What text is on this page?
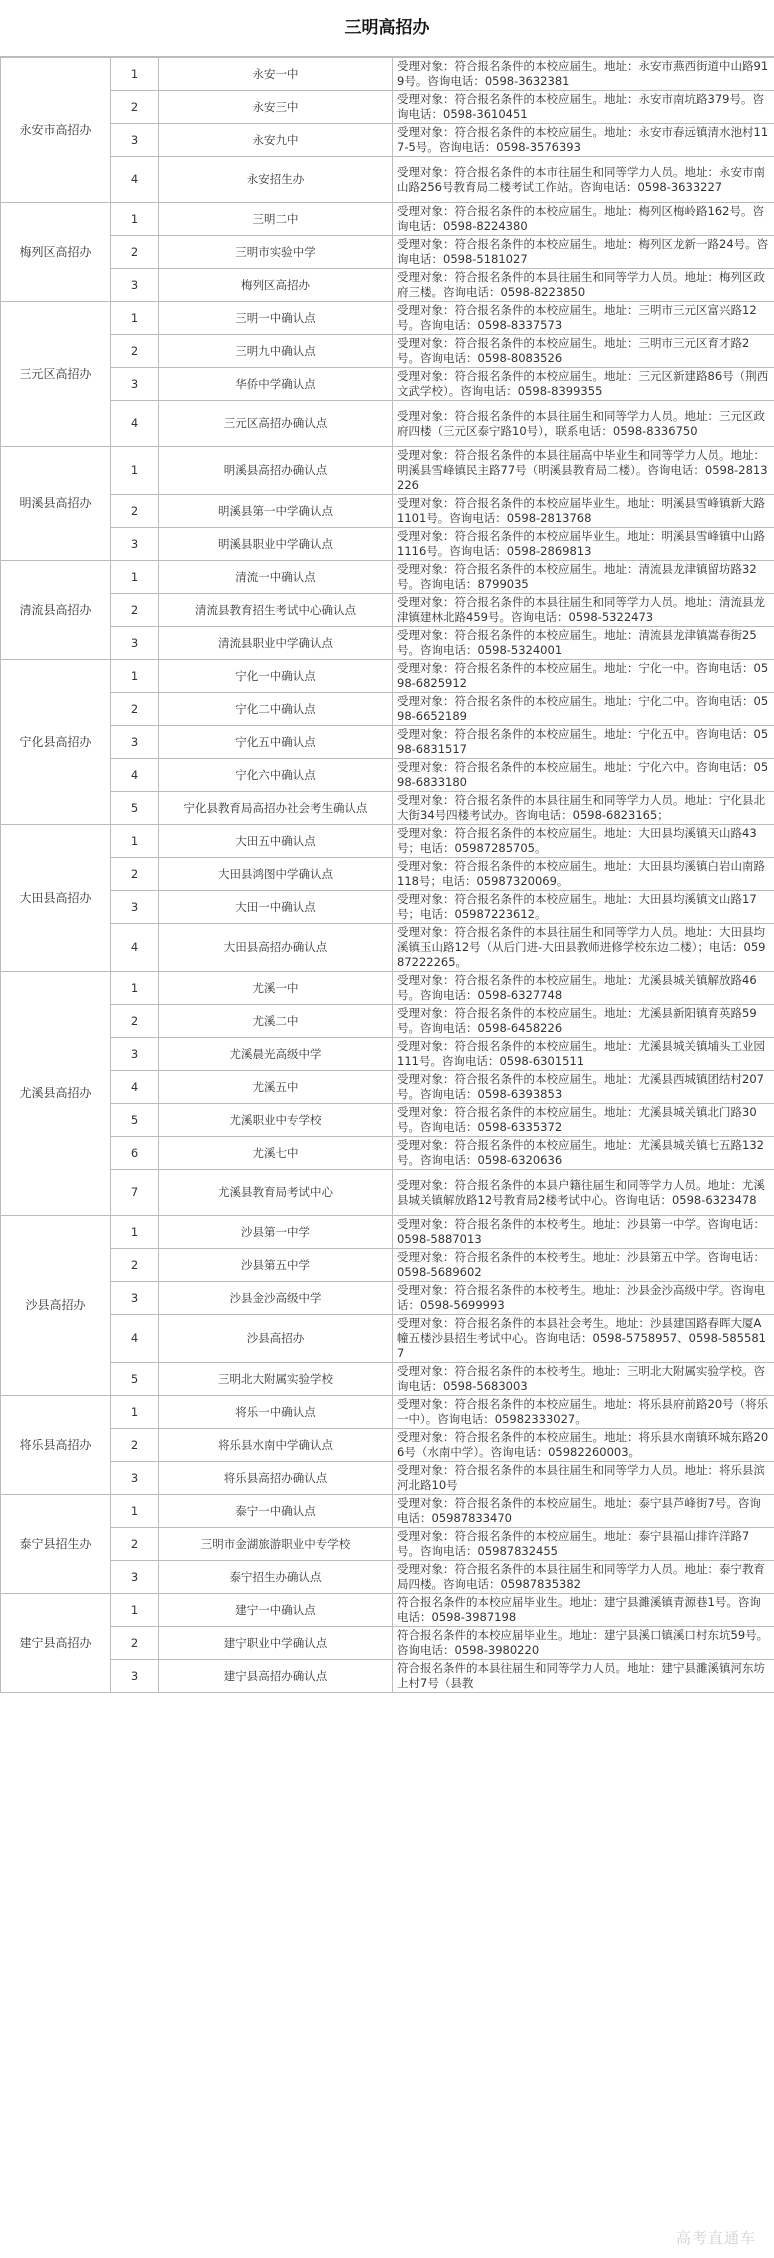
三明高招办
永安市高招办	1	永安一中	受理对象：符合报名条件的本校应届生。地址：永安市燕西街道中山路919号。咨询电话：0598-3632381
	2	永安三中	受理对象：符合报名条件的本校应届生。地址：永安市南坑路379号。咨询电话：0598-3610451
	3	永安九中	受理对象：符合报名条件的本校应届生。地址：永安市春远镇清水池村117-5号。咨询电话：0598-3576393
	4	永安招生办	受理对象：符合报名条件的本市往届生和同等学力人员。地址：永安市南山路256号教育局二楼考试工作站。咨询电话：0598-3633227
梅列区高招办	1	三明二中	受理对象：符合报名条件的本校应届生。地址：梅列区梅岭路162号。咨询电话：0598-8224380
	2	三明市实验中学	受理对象：符合报名条件的本校应届生。地址：梅列区龙新一路24号。咨询电话：0598-5181027
	3	梅列区高招办	受理对象：符合报名条件的本县往届生和同等学力人员。地址：梅列区政府三楼。咨询电话：0598-8223850
三元区高招办	1	三明一中确认点	受理对象：符合报名条件的本校应届生。地址：三明市三元区富兴路12号。咨询电话：0598-8337573
	2	三明九中确认点	受理对象：符合报名条件的本校应届生。地址：三明市三元区育才路2号。咨询电话：0598-8083526
	3	华侨中学确认点	受理对象：符合报名条件的本校应届生。地址：三元区新建路86号（荆西文武学校）。咨询电话：0598-8399355
	4	三元区高招办确认点	受理对象：符合报名条件的本县往届生和同等学力人员。地址：三元区政府四楼（三元区泰宁路10号），联系电话：0598-8336750
明溪县高招办	1	明溪县高招办确认点	受理对象：符合报名条件的本县往届高中毕业生和同等学力人员。地址：明溪县雪峰镇民主路77号（明溪县教育局二楼）。咨询电话：0598-2813226
	2	明溪县第一中学确认点	受理对象：符合报名条件的本校应届毕业生。地址：明溪县雪峰镇新大路1101号。咨询电话：0598-2813768
	3	明溪县职业中学确认点	受理对象：符合报名条件的本校应届毕业生。地址：明溪县雪峰镇中山路1116号。咨询电话：0598-2869813
清流县高招办	1	清流一中确认点	受理对象：符合报名条件的本校应届生。地址：清流县龙津镇留坊路32号。咨询电话：8799035
	2	清流县教育招生考试中心确认点	受理对象：符合报名条件的本县往届生和同等学力人员。地址：清流县龙津镇建林北路459号。咨询电话：0598-5322473
	3	清流县职业中学确认点	受理对象：符合报名条件的本校应届生。地址：清流县龙津镇嵩春街25号。咨询电话：0598-5324001
宁化县高招办	1	宁化一中确认点	受理对象：符合报名条件的本校应届生。地址：宁化一中。咨询电话：0598-6825912
	2	宁化二中确认点	受理对象：符合报名条件的本校应届生。地址：宁化二中。咨询电话：0598-6652189
	3	宁化五中确认点	受理对象：符合报名条件的本校应届生。地址：宁化五中。咨询电话：0598-6831517
	4	宁化六中确认点	受理对象：符合报名条件的本校应届生。地址：宁化六中。咨询电话：0598-6833180
	5	宁化县教育局高招办社会考生确认点	受理对象：符合报名条件的本县往届生和同等学力人员。地址：宁化县北大街34号四楼考试办。咨询电话：0598-6823165；
大田县高招办	1	大田五中确认点	受理对象：符合报名条件的本校应届生。地址：大田县均溪镇天山路43号；电话：05987285705。
	2	大田县鸿图中学确认点	受理对象：符合报名条件的本校应届生。地址：大田县均溪镇白岩山南路118号；电话：05987320069。
	3	大田一中确认点	受理对象：符合报名条件的本校应届生。地址：大田县均溪镇文山路17号；电话：05987223612。
	4	大田县高招办确认点	受理对象：符合报名条件的本县往届生和同等学力人员。地址：大田县均溪镇玉山路12号（从后门进-大田县教师进修学校东边二楼）；电话：05987222265。
尤溪县高招办	1	尤溪一中	受理对象：符合报名条件的本校应届生。地址：尤溪县城关镇解放路46号。咨询电话：0598-6327748
	2	尤溪二中	受理对象：符合报名条件的本校应届生。地址：尤溪县新阳镇育英路59号。咨询电话：0598-6458226
	3	尤溪晨光高级中学	受理对象：符合报名条件的本校应届生。地址：尤溪县城关镇埔头工业园111号。咨询电话：0598-6301511
	4	尤溪五中	受理对象：符合报名条件的本校应届生。地址：尤溪县西城镇团结村207号。咨询电话：0598-6393853
	5	尤溪职业中专学校	受理对象：符合报名条件的本校应届生。地址：尤溪县城关镇北门路30号。咨询电话：0598-6335372
	6	尤溪七中	受理对象：符合报名条件的本校应届生。地址：尤溪县城关镇七五路132号。咨询电话：0598-6320636
	7	尤溪县教育局考试中心	受理对象：符合报名条件的本县户籍往届生和同等学力人员。地址：尤溪县城关镇解放路12号教育局2楼考试中心。咨询电话：0598-6323478
沙县高招办	1	沙县第一中学	受理对象：符合报名条件的本校考生。地址：沙县第一中学。咨询电话：0598-5887013
	2	沙县第五中学	受理对象：符合报名条件的本校考生。地址：沙县第五中学。咨询电话：0598-5689602
	3	沙县金沙高级中学	受理对象：符合报名条件的本校考生。地址：沙县金沙高级中学。咨询电话：0598-5699993
	4	沙县高招办	受理对象：符合报名条件的本县社会考生。地址：沙县建国路春晖大厦A幢五楼沙县招生考试中心。咨询电话：0598-5758957、0598-5855817
	5	三明北大附属实验学校	受理对象：符合报名条件的本校考生。地址：三明北大附属实验学校。咨询电话：0598-5683003
将乐县高招办	1	将乐一中确认点	受理对象：符合报名条件的本校应届生。地址：将乐县府前路20号（将乐一中）。咨询电话：05982333027。
	2	将乐县水南中学确认点	受理对象：符合报名条件的本校应届生。地址：将乐县水南镇环城东路206号（水南中学）。咨询电话：05982260003。
	3	将乐县高招办确认点	受理对象：符合报名条件的本县往届生和同等学力人员。地址：将乐县滨河北路10号
泰宁县招生办	1	泰宁一中确认点	受理对象：符合报名条件的本校应届生。地址：泰宁县芦峰街7号。咨询电话：05987833470
	2	三明市金湖旅游职业中专学校	受理对象：符合报名条件的本校应届生。地址：泰宁县福山排许洋路7号。咨询电话：05987832455
	3	泰宁招生办确认点	受理对象：符合报名条件的本县往届生和同等学力人员。地址：泰宁教育局四楼。咨询电话：05987835382
建宁县高招办	1	建宁一中确认点	符合报名条件的本校应届毕业生。地址：建宁县濉溪镇青源巷1号。咨询电话：0598-3987198
	2	建宁职业中学确认点	符合报名条件的本校应届毕业生。地址：建宁县溪口镇溪口村东坑59号。咨询电话：0598-3980220
	3	建宁县高招办确认点	符合报名条件的本县往届生和同等学力人员。地址：建宁县濉溪镇河东坊上村7号（县教
高考直通车
